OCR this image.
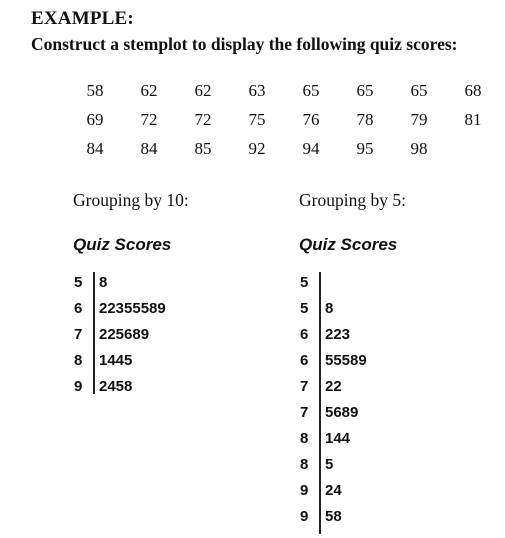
EXAMPLE:
Construct a stemplot to display the following quiz scores:
58	62	62	63	65	65	65	68
69	72	72	75	76	78	79	81
84	84	85	92	94	95	98
Grouping by 10:	Grouping by 5:
Quiz Scores	Quiz Scores
5 8
6 22355589
7 225689
8 1445
9 2458
5
5 8
6 223
6 55589
7 22
7 5689
8 144
8 5
9 24
9 58
